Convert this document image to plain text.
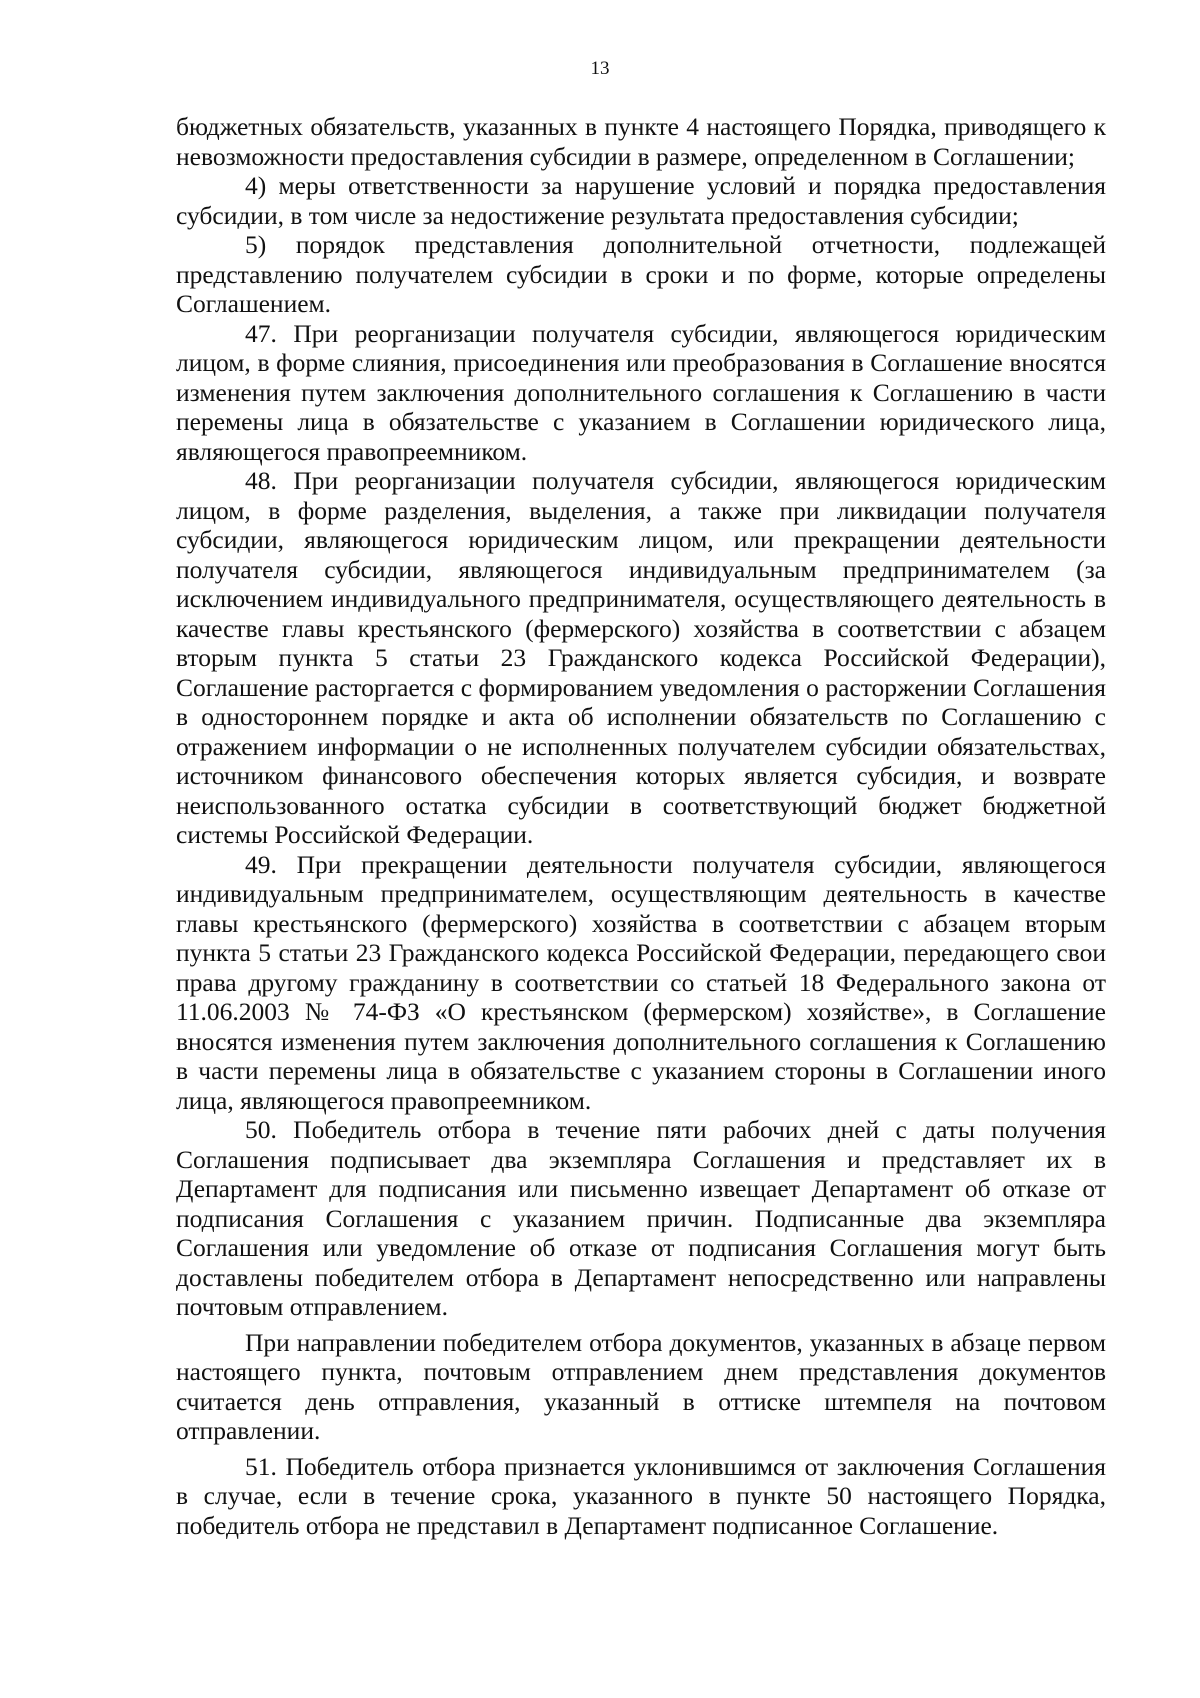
13

бюджетных обязательств, указанных в пункте 4 настоящего Порядка, приводящего к невозможности предоставления субсидии в размере, определенном в Соглашении;

4) меры ответственности за нарушение условий и порядка предоставления субсидии, в том числе за недостижение результата предоставления субсидии;

5) порядок представления дополнительной отчетности, подлежащей представлению получателем субсидии в сроки и по форме, которые определены Соглашением.

47. При реорганизации получателя субсидии, являющегося юридическим лицом, в форме слияния, присоединения или преобразования в Соглашение вносятся изменения путем заключения дополнительного соглашения к Соглашению в части перемены лица в обязательстве с указанием в Соглашении юридического лица, являющегося правопреемником.

48. При реорганизации получателя субсидии, являющегося юридическим лицом, в форме разделения, выделения, а также при ликвидации получателя субсидии, являющегося юридическим лицом, или прекращении деятельности получателя субсидии, являющегося индивидуальным предпринимателем (за исключением индивидуального предпринимателя, осуществляющего деятельность в качестве главы крестьянского (фермерского) хозяйства в соответствии с абзацем вторым пункта 5 статьи 23 Гражданского кодекса Российской Федерации), Соглашение расторгается с формированием уведомления о расторжении Соглашения в одностороннем порядке и акта об исполнении обязательств по Соглашению с отражением информации о не исполненных получателем субсидии обязательствах, источником финансового обеспечения которых является субсидия, и возврате неиспользованного остатка субсидии в соответствующий бюджет бюджетной системы Российской Федерации.

49. При прекращении деятельности получателя субсидии, являющегося индивидуальным предпринимателем, осуществляющим деятельность в качестве главы крестьянского (фермерского) хозяйства в соответствии с абзацем вторым пункта 5 статьи 23 Гражданского кодекса Российской Федерации, передающего свои права другому гражданину в соответствии со статьей 18 Федерального закона от 11.06.2003 № 74-ФЗ «О крестьянском (фермерском) хозяйстве», в Соглашение вносятся изменения путем заключения дополнительного соглашения к Соглашению в части перемены лица в обязательстве с указанием стороны в Соглашении иного лица, являющегося правопреемником.

50. Победитель отбора в течение пяти рабочих дней с даты получения Соглашения подписывает два экземпляра Соглашения и представляет их в Департамент для подписания или письменно извещает Департамент об отказе от подписания Соглашения с указанием причин. Подписанные два экземпляра Соглашения или уведомление об отказе от подписания Соглашения могут быть доставлены победителем отбора в Департамент непосредственно или направлены почтовым отправлением.

При направлении победителем отбора документов, указанных в абзаце первом настоящего пункта, почтовым отправлением днем представления документов считается день отправления, указанный в оттиске штемпеля на почтовом отправлении.

51. Победитель отбора признается уклонившимся от заключения Соглашения в случае, если в течение срока, указанного в пункте 50 настоящего Порядка, победитель отбора не представил в Департамент подписанное Соглашение.
